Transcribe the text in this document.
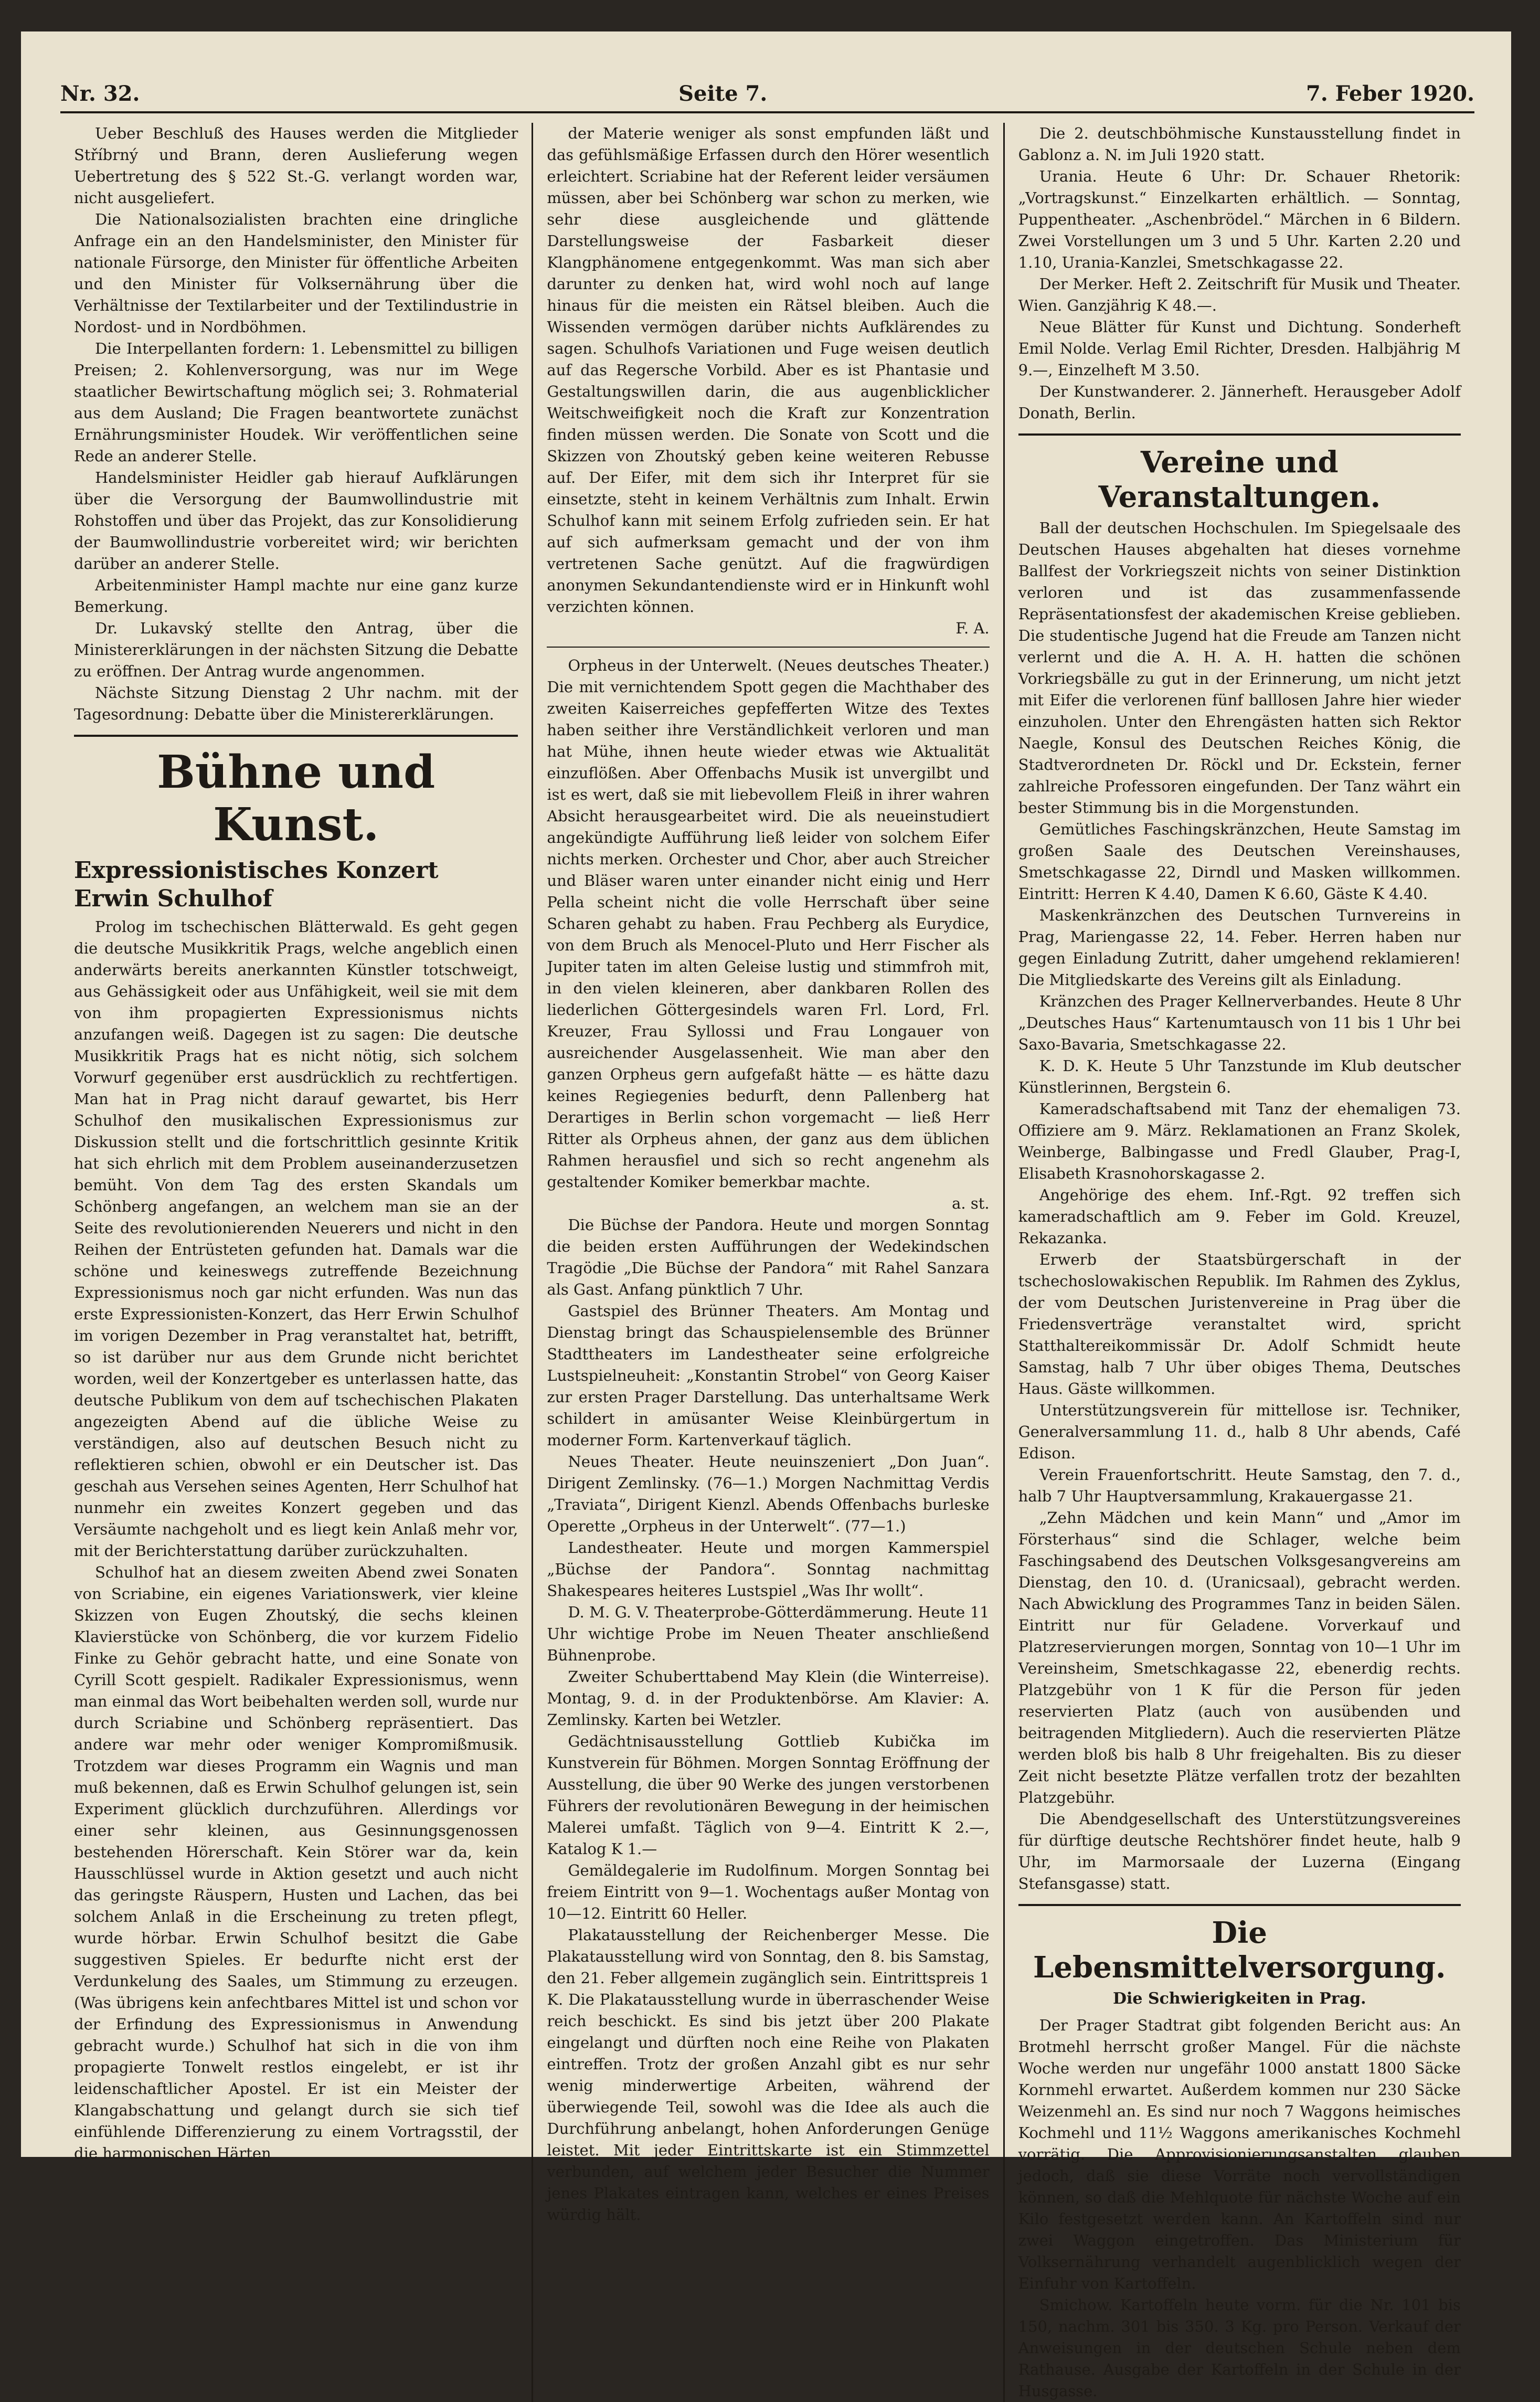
Nr. 32.	Seite 7.	7. Feber 1920.

Ueber Beschluß des Hauses werden die Mitglieder Stříbrný und Brann, deren Auslieferung wegen Uebertretung des § 522 St.-G. verlangt worden war, nicht ausgeliefert.

Die Nationalsozialisten brachten eine dringliche Anfrage ein an den Handelsminister, den Minister für nationale Fürsorge, den Minister für öffentliche Arbeiten und den Minister für Volksernährung über die Verhältnisse der Textilarbeiter und der Textilindustrie in Nordost- und in Nordböhmen.

Die Interpellanten fordern: 1. Lebensmittel zu billigen Preisen; 2. Kohlenversorgung, was nur im Wege staatlicher Bewirtschaftung möglich sei; 3. Rohmaterial aus dem Ausland; Die Fragen beantwortete zunächst Ernährungsminister Houdek. Wir veröffentlichen seine Rede an anderer Stelle.

Handelsminister Heidler gab hierauf Aufklärungen über die Versorgung der Baumwollindustrie mit Rohstoffen und über das Projekt, das zur Konsolidierung der Baumwollindustrie vorbereitet wird; wir berichten darüber an anderer Stelle.

Arbeitenminister Hampl machte nur eine ganz kurze Bemerkung.

Dr. Lukavský stellte den Antrag, über die Ministererklärungen in der nächsten Sitzung die Debatte zu eröffnen. Der Antrag wurde angenommen.

Nächste Sitzung Dienstag 2 Uhr nachm. mit der Tagesordnung: Debatte über die Ministererklärungen.

Bühne und Kunst.
Expressionistisches Konzert Erwin Schulhof

Prolog im tschechischen Blätterwald. Es geht gegen die deutsche Musikkritik Prags, welche angeblich einen anderwärts bereits anerkannten Künstler totschweigt, aus Gehässigkeit oder aus Unfähigkeit, weil sie mit dem von ihm propagierten Expressionismus nichts anzufangen weiß. Dagegen ist zu sagen: Die deutsche Musikkritik Prags hat es nicht nötig, sich solchem Vorwurf gegenüber erst ausdrücklich zu rechtfertigen. Man hat in Prag nicht darauf gewartet, bis Herr Schulhof den musikalischen Expressionismus zur Diskussion stellt und die fortschrittlich gesinnte Kritik hat sich ehrlich mit dem Problem auseinanderzusetzen bemüht. Von dem Tag des ersten Skandals um Schönberg angefangen, an welchem man sie an der Seite des revolutionierenden Neuerers und nicht in den Reihen der Entrüsteten gefunden hat. Damals war die schöne und keineswegs zutreffende Bezeichnung Expressionismus noch gar nicht erfunden. Was nun das erste Expressionisten-Konzert, das Herr Erwin Schulhof im vorigen Dezember in Prag veranstaltet hat, betrifft, so ist darüber nur aus dem Grunde nicht berichtet worden, weil der Konzertgeber es unterlassen hatte, das deutsche Publikum von dem auf tschechischen Plakaten angezeigten Abend auf die übliche Weise zu verständigen, also auf deutschen Besuch nicht zu reflektieren schien, obwohl er ein Deutscher ist. Das geschah aus Versehen seines Agenten, Herr Schulhof hat nunmehr ein zweites Konzert gegeben und das Versäumte nachgeholt und es liegt kein Anlaß mehr vor, mit der Berichterstattung darüber zurückzuhalten.

Schulhof hat an diesem zweiten Abend zwei Sonaten von Scriabine, ein eigenes Variationswerk, vier kleine Skizzen von Eugen Zhoutský, die sechs kleinen Klavierstücke von Schönberg, die vor kurzem Fidelio Finke zu Gehör gebracht hatte, und eine Sonate von Cyrill Scott gespielt. Radikaler Expressionismus, wenn man einmal das Wort beibehalten werden soll, wurde nur durch Scriabine und Schönberg repräsentiert. Das andere war mehr oder weniger Kompromißmusik. Trotzdem war dieses Programm ein Wagnis und man muß bekennen, daß es Erwin Schulhof gelungen ist, sein Experiment glücklich durchzuführen. Allerdings vor einer sehr kleinen, aus Gesinnungsgenossen bestehenden Hörerschaft. Kein Störer war da, kein Hausschlüssel wurde in Aktion gesetzt und auch nicht das geringste Räuspern, Husten und Lachen, das bei solchem Anlaß in die Erscheinung zu treten pflegt, wurde hörbar. Erwin Schulhof besitzt die Gabe suggestiven Spieles. Er bedurfte nicht erst der Verdunkelung des Saales, um Stimmung zu erzeugen. (Was übrigens kein anfechtbares Mittel ist und schon vor der Erfindung des Expressionismus in Anwendung gebracht wurde.) Schulhof hat sich in die von ihm propagierte Tonwelt restlos eingelebt, er ist ihr leidenschaftlicher Apostel. Er ist ein Meister der Klangabschattung und gelangt durch sie sich tief einfühlende Differenzierung zu einem Vortragsstil, der die harmonischen Härten

der Materie weniger als sonst empfunden läßt und das gefühlsmäßige Erfassen durch den Hörer wesentlich erleichtert. Scriabine hat der Referent leider versäumen müssen, aber bei Schönberg war schon zu merken, wie sehr diese ausgleichende und glättende Darstellungsweise der Fasbarkeit dieser Klangphänomene entgegenkommt. Was man sich aber darunter zu denken hat, wird wohl noch auf lange hinaus für die meisten ein Rätsel bleiben. Auch die Wissenden vermögen darüber nichts Aufklärendes zu sagen. Schulhofs Variationen und Fuge weisen deutlich auf das Regersche Vorbild. Aber es ist Phantasie und Gestaltungswillen darin, die aus augenblicklicher Weitschweifigkeit noch die Kraft zur Konzentration finden müssen werden. Die Sonate von Scott und die Skizzen von Zhoutský geben keine weiteren Rebusse auf. Der Eifer, mit dem sich ihr Interpret für sie einsetzte, steht in keinem Verhältnis zum Inhalt. Erwin Schulhof kann mit seinem Erfolg zufrieden sein. Er hat auf sich aufmerksam gemacht und der von ihm vertretenen Sache genützt. Auf die fragwürdigen anonymen Sekundantendienste wird er in Hinkunft wohl verzichten können.

F. A.

Orpheus in der Unterwelt. (Neues deutsches Theater.) Die mit vernichtendem Spott gegen die Machthaber des zweiten Kaiserreiches gepfefferten Witze des Textes haben seither ihre Verständlichkeit verloren und man hat Mühe, ihnen heute wieder etwas wie Aktualität einzuflößen. Aber Offenbachs Musik ist unvergilbt und ist es wert, daß sie mit liebevollem Fleiß in ihrer wahren Absicht herausgearbeitet wird. Die als neueinstudiert angekündigte Aufführung ließ leider von solchem Eifer nichts merken. Orchester und Chor, aber auch Streicher und Bläser waren unter einander nicht einig und Herr Pella scheint nicht die volle Herrschaft über seine Scharen gehabt zu haben. Frau Pechberg als Eurydice, von dem Bruch als Menocel-Pluto und Herr Fischer als Jupiter taten im alten Geleise lustig und stimmfroh mit, in den vielen kleineren, aber dankbaren Rollen des liederlichen Göttergesindels waren Frl. Lord, Frl. Kreuzer, Frau Syllossi und Frau Longauer von ausreichender Ausgelassenheit. Wie man aber den ganzen Orpheus gern aufgefaßt hätte — es hätte dazu keines Regiegenies bedurft, denn Pallenberg hat Derartiges in Berlin schon vorgemacht — ließ Herr Ritter als Orpheus ahnen, der ganz aus dem üblichen Rahmen herausfiel und sich so recht angenehm als gestaltender Komiker bemerkbar machte.

a. st.

Die Büchse der Pandora. Heute und morgen Sonntag die beiden ersten Aufführungen der Wedekindschen Tragödie „Die Büchse der Pandora“ mit Rahel Sanzara als Gast. Anfang pünktlich 7 Uhr.

Gastspiel des Brünner Theaters. Am Montag und Dienstag bringt das Schauspielensemble des Brünner Stadttheaters im Landestheater seine erfolgreiche Lustspielneuheit: „Konstantin Strobel“ von Georg Kaiser zur ersten Prager Darstellung. Das unterhaltsame Werk schildert in amüsanter Weise Kleinbürgertum in moderner Form. Kartenverkauf täglich.

Neues Theater. Heute neuinszeniert „Don Juan“. Dirigent Zemlinsky. (76—1.) Morgen Nachmittag Verdis „Traviata“, Dirigent Kienzl. Abends Offenbachs burleske Operette „Orpheus in der Unterwelt“. (77—1.)

Landestheater. Heute und morgen Kammerspiel „Büchse der Pandora“. Sonntag nachmittag Shakespeares heiteres Lustspiel „Was Ihr wollt“.

D. M. G. V. Theaterprobe-Götterdämmerung. Heute 11 Uhr wichtige Probe im Neuen Theater anschließend Bühnenprobe.

Zweiter Schuberttabend May Klein (die Winterreise). Montag, 9. d. in der Produktenbörse. Am Klavier: A. Zemlinsky. Karten bei Wetzler.

Gedächtnisausstellung Gottlieb Kubička im Kunstverein für Böhmen. Morgen Sonntag Eröffnung der Ausstellung, die über 90 Werke des jungen verstorbenen Führers der revolutionären Bewegung in der heimischen Malerei umfaßt. Täglich von 9—4. Eintritt K 2.—, Katalog K 1.—

Gemäldegalerie im Rudolfinum. Morgen Sonntag bei freiem Eintritt von 9—1. Wochentags außer Montag von 10—12. Eintritt 60 Heller.

Plakatausstellung der Reichenberger Messe. Die Plakatausstellung wird von Sonntag, den 8. bis Samstag, den 21. Feber allgemein zugänglich sein. Eintrittspreis 1 K. Die Plakatausstellung wurde in überraschender Weise reich beschickt. Es sind bis jetzt über 200 Plakate eingelangt und dürften noch eine Reihe von Plakaten eintreffen. Trotz der großen Anzahl gibt es nur sehr wenig minderwertige Arbeiten, während der überwiegende Teil, sowohl was die Idee als auch die Durchführung anbelangt, hohen Anforderungen Genüge leistet. Mit jeder Eintrittskarte ist ein Stimmzettel verbunden, auf welchem jeder Besucher die Nummer jenes Plakates eintragen kann, welches er eines Preises würdig hält.

Die 2. deutschböhmische Kunstausstellung findet in Gablonz a. N. im Juli 1920 statt.

Urania. Heute 6 Uhr: Dr. Schauer Rhetorik: „Vortragskunst.“ Einzelkarten erhältlich. — Sonntag, Puppentheater. „Aschenbrödel.“ Märchen in 6 Bildern. Zwei Vorstellungen um 3 und 5 Uhr. Karten 2.20 und 1.10, Urania-Kanzlei, Smetschkagasse 22.

Der Merker. Heft 2. Zeitschrift für Musik und Theater. Wien. Ganzjährig K 48.—.

Neue Blätter für Kunst und Dichtung. Sonderheft Emil Nolde. Verlag Emil Richter, Dresden. Halbjährig M 9.—, Einzelheft M 3.50.

Der Kunstwanderer. 2. Jännerheft. Herausgeber Adolf Donath, Berlin.

Vereine und Veranstaltungen.

Ball der deutschen Hochschulen. Im Spiegelsaale des Deutschen Hauses abgehalten hat dieses vornehme Ballfest der Vorkriegszeit nichts von seiner Distinktion verloren und ist das zusammenfassende Repräsentationsfest der akademischen Kreise geblieben. Die studentische Jugend hat die Freude am Tanzen nicht verlernt und die A. H. A. H. hatten die schönen Vorkriegsbälle zu gut in der Erinnerung, um nicht jetzt mit Eifer die verlorenen fünf balllosen Jahre hier wieder einzuholen. Unter den Ehrengästen hatten sich Rektor Naegle, Konsul des Deutschen Reiches König, die Stadtverordneten Dr. Röckl und Dr. Eckstein, ferner zahlreiche Professoren eingefunden. Der Tanz währt ein bester Stimmung bis in die Morgenstunden.

Gemütliches Faschingskränzchen, Heute Samstag im großen Saale des Deutschen Vereinshauses, Smetschkagasse 22, Dirndl und Masken willkommen. Eintritt: Herren K 4.40, Damen K 6.60, Gäste K 4.40.

Maskenkränzchen des Deutschen Turnvereins in Prag, Mariengasse 22, 14. Feber. Herren haben nur gegen Einladung Zutritt, daher umgehend reklamieren! Die Mitgliedskarte des Vereins gilt als Einladung.

Kränzchen des Prager Kellnerverbandes. Heute 8 Uhr „Deutsches Haus“ Kartenumtausch von 11 bis 1 Uhr bei Saxo-Bavaria, Smetschkagasse 22.

K. D. K. Heute 5 Uhr Tanzstunde im Klub deutscher Künstlerinnen, Bergstein 6.

Kameradschaftsabend mit Tanz der ehemaligen 73. Offiziere am 9. März. Reklamationen an Franz Skolek, Weinberge, Balbingasse und Fredl Glauber, Prag-I, Elisabeth Krasnohorskagasse 2.

Angehörige des ehem. Inf.-Rgt. 92 treffen sich kameradschaftlich am 9. Feber im Gold. Kreuzel, Rekazanka.

Erwerb der Staatsbürgerschaft in der tschechoslowakischen Republik. Im Rahmen des Zyklus, der vom Deutschen Juristenvereine in Prag über die Friedensverträge veranstaltet wird, spricht Statthaltereikommissär Dr. Adolf Schmidt heute Samstag, halb 7 Uhr über obiges Thema, Deutsches Haus. Gäste willkommen.

Unterstützungsverein für mittellose isr. Techniker, Generalversammlung 11. d., halb 8 Uhr abends, Café Edison.

Verein Frauenfortschritt. Heute Samstag, den 7. d., halb 7 Uhr Hauptversammlung, Krakauergasse 21.

„Zehn Mädchen und kein Mann“ und „Amor im Försterhaus“ sind die Schlager, welche beim Faschingsabend des Deutschen Volksgesangvereins am Dienstag, den 10. d. (Uranicsaal), gebracht werden. Nach Abwicklung des Programmes Tanz in beiden Sälen. Eintritt nur für Geladene. Vorverkauf und Platzreservierungen morgen, Sonntag von 10—1 Uhr im Vereinsheim, Smetschkagasse 22, ebenerdig rechts. Platzgebühr von 1 K für die Person für jeden reservierten Platz (auch von ausübenden und beitragenden Mitgliedern). Auch die reservierten Plätze werden bloß bis halb 8 Uhr freigehalten. Bis zu dieser Zeit nicht besetzte Plätze verfallen trotz der bezahlten Platzgebühr.

Die Abendgesellschaft des Unterstützungsvereines für dürftige deutsche Rechtshörer findet heute, halb 9 Uhr, im Marmorsaale der Luzerna (Eingang Stefansgasse) statt.

Die Lebensmittelversorgung.
Die Schwierigkeiten in Prag.

Der Prager Stadtrat gibt folgenden Bericht aus: An Brotmehl herrscht großer Mangel. Für die nächste Woche werden nur ungefähr 1000 anstatt 1800 Säcke Kornmehl erwartet. Außerdem kommen nur 230 Säcke Weizenmehl an. Es sind nur noch 7 Waggons heimisches Kochmehl und 11½ Waggons amerikanisches Kochmehl vorrätig. Die Approvisionierungsanstalten glauben jedoch, daß sie diese Vorräte noch vervollständigen können, so daß die Mehlquote für nächste Woche auf ein Kilo festgesetzt werden kann. An Kartoffeln sind nur zwei Waggon eingetroffen. Das Ministerium für Volksernährung verhandelt augenblicklich wegen der Einfuhr von Kartoffeln.

Smichow. Kartoffeln heute vorm. für die Nr. 101 bis 150, nachm. 301 bis 350. 3 Kg. pro Person. Verkauf der Anweisungen in der deutschen Schule neben dem Rathause. Ausgabe der Kartoffeln in der Schule in der Husgasse.
